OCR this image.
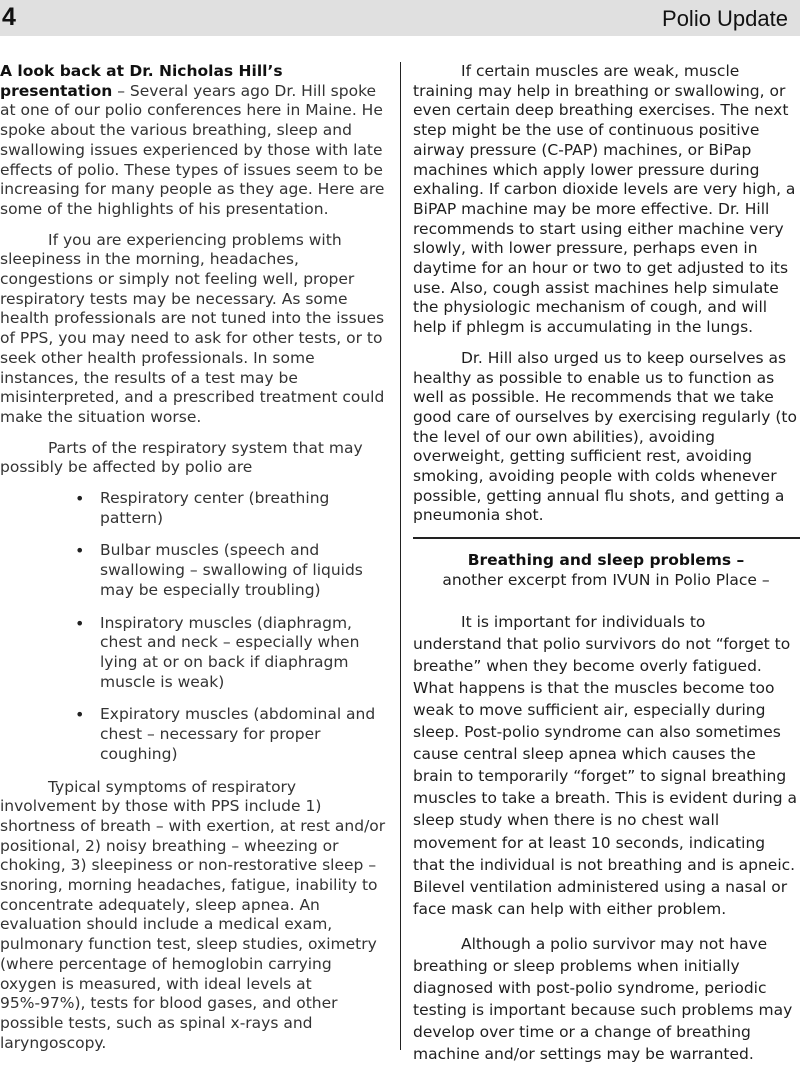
4	Polio Update

A look back at Dr. Nicholas Hill’s presentation – Several years ago Dr. Hill spoke at one of our polio conferences here in Maine. He spoke about the various breathing, sleep and swallowing issues experienced by those with late effects of polio. These types of issues seem to be increasing for many people as they age. Here are some of the highlights of his presentation.

If you are experiencing problems with sleepiness in the morning, headaches, congestions or simply not feeling well, proper respiratory tests may be necessary. As some health professionals are not tuned into the issues of PPS, you may need to ask for other tests, or to seek other health professionals. In some instances, the results of a test may be misinterpreted, and a prescribed treatment could make the situation worse.

Parts of the respiratory system that may possibly be affected by polio are

• Respiratory center (breathing pattern)
• Bulbar muscles (speech and swallowing – swallowing of liquids may be especially troubling)
• Inspiratory muscles (diaphragm, chest and neck – especially when lying at or on back if diaphragm muscle is weak)
• Expiratory muscles (abdominal and chest – necessary for proper coughing)

Typical symptoms of respiratory involvement by those with PPS include 1) shortness of breath – with exertion, at rest and/or positional, 2) noisy breathing – wheezing or choking, 3) sleepiness or non-restorative sleep – snoring, morning headaches, fatigue, inability to concentrate adequately, sleep apnea. An evaluation should include a medical exam, pulmonary function test, sleep studies, oximetry (where percentage of hemoglobin carrying oxygen is measured, with ideal levels at 95%-97%), tests for blood gases, and other possible tests, such as spinal x-rays and laryngoscopy.

If certain muscles are weak, muscle training may help in breathing or swallowing, or even certain deep breathing exercises. The next step might be the use of continuous positive airway pressure (C-PAP) machines, or BiPap machines which apply lower pressure during exhaling. If carbon dioxide levels are very high, a BiPAP machine may be more effective. Dr. Hill recommends to start using either machine very slowly, with lower pressure, perhaps even in daytime for an hour or two to get adjusted to its use. Also, cough assist machines help simulate the physiologic mechanism of cough, and will help if phlegm is accumulating in the lungs.

Dr. Hill also urged us to keep ourselves as healthy as possible to enable us to function as well as possible. He recommends that we take good care of ourselves by exercising regularly (to the level of our own abilities), avoiding overweight, getting sufficient rest, avoiding smoking, avoiding people with colds whenever possible, getting annual flu shots, and getting a pneumonia shot.

Breathing and sleep problems –
another excerpt from IVUN in Polio Place –

It is important for individuals to understand that polio survivors do not “forget to breathe” when they become overly fatigued. What happens is that the muscles become too weak to move sufficient air, especially during sleep. Post-polio syndrome can also sometimes cause central sleep apnea which causes the brain to temporarily “forget” to signal breathing muscles to take a breath. This is evident during a sleep study when there is no chest wall movement for at least 10 seconds, indicating that the individual is not breathing and is apneic. Bilevel ventilation administered using a nasal or face mask can help with either problem.

Although a polio survivor may not have breathing or sleep problems when initially diagnosed with post-polio syndrome, periodic testing is important because such problems may develop over time or a change of breathing machine and/or settings may be warranted.
